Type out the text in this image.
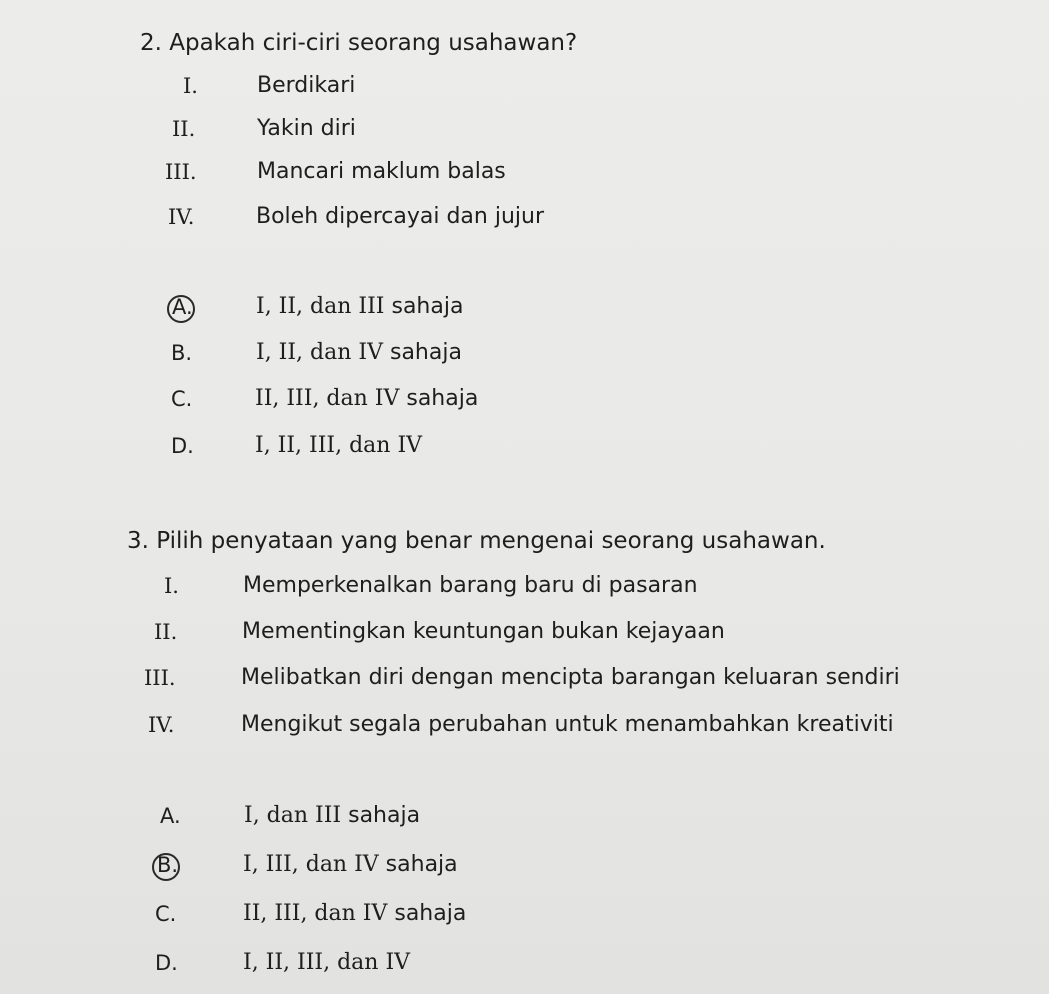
2. Apakah ciri-ciri seorang usahawan?
I.	Berdikari
II.	Yakin diri
III.	Mancari maklum balas
IV.	Boleh dipercayai dan jujur
A.	I, II, dan III sahaja
B.	I, II, dan IV sahaja
C.	II, III, dan IV sahaja
D.	I, II, III, dan IV
3. Pilih penyataan yang benar mengenai seorang usahawan.
I.	Memperkenalkan barang baru di pasaran
II.	Mementingkan keuntungan bukan kejayaan
III.	Melibatkan diri dengan mencipta barangan keluaran sendiri
IV.	Mengikut segala perubahan untuk menambahkan kreativiti
A.	I, dan III sahaja
B.	I, III, dan IV sahaja
C.	II, III, dan IV sahaja
D.	I, II, III, dan IV
